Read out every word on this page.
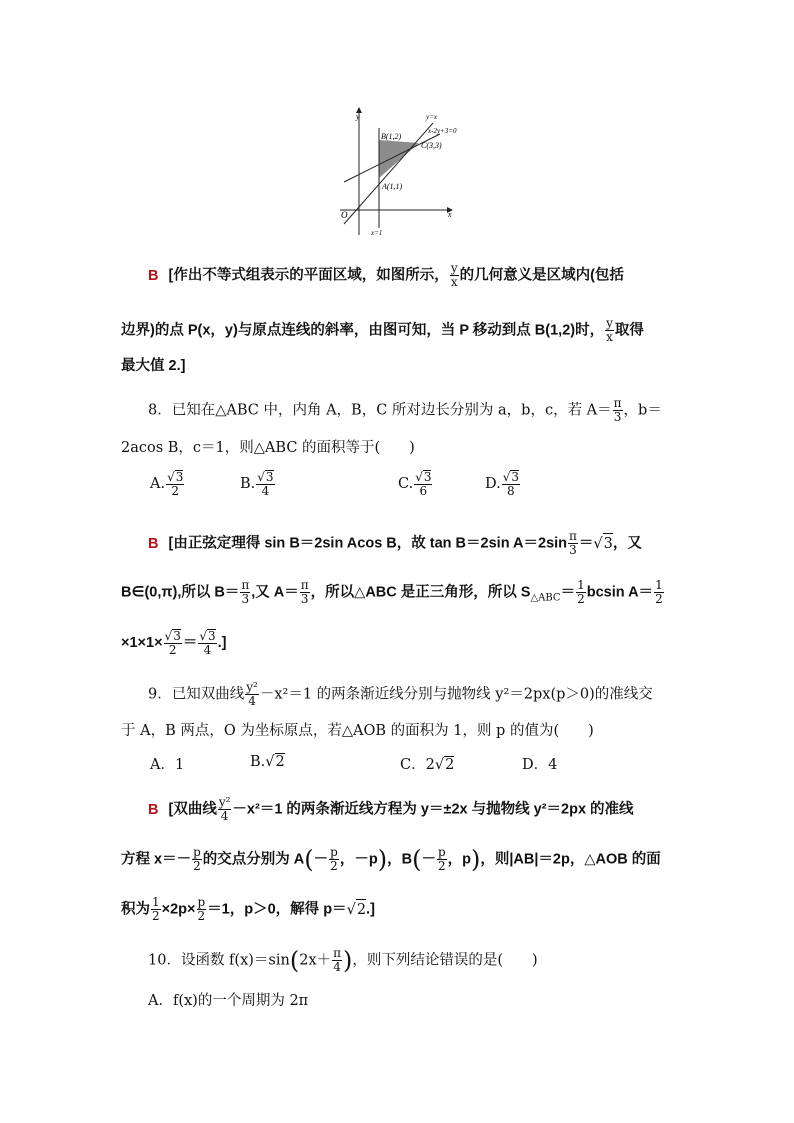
y
x
O
y=x
x-2y+3=0
B(1,2)
C(3,3)
A(1,1)
x=1
B [作出不等式组表示的平面区域，如图所示， $\frac{y}{x}$ 的几何意义是区域内(包括
边界)的点 P(x，y)与原点连线的斜率，由图可知，当 P 移动到点 B(1,2)时， $\frac{y}{x}$ 取得
最大值 2.]
8．已知在△ABC 中，内角 A，B，C 所对边长分别为 a，b，c，若 $A= \frac{\pi}{3}$ ，b＝
2acos B，c＝1，则△ABC 的面积等于(　　)
A. $\frac{√3}{2}$	B. $\frac{√3}{4}$	C. $\frac{√3}{6}$	D. $\frac{√3}{8}$
B [由正弦定理得 sin B＝2sin Acos B，故 tan B＝2sin $A=2\sin \frac{\pi}{3} =√3$，又
B∈(0,π),所以 $B= \frac{\pi}{3}$ ,又 $A= \frac{\pi}{3}$ ，所以△ABC 是正三角形，所以 $S_{\triangle ABC}= \frac{1}{2}$ bcsin $A= \frac{1}{2}$
$\times 1\times 1\times \frac{√3}{2} = \frac{√3}{4}$ .]
9．已知双曲线 $\frac{\text{y²}}{4} -x^2=1$ 的两条渐近线分别与抛物线 y²＝2px(p＞0)的准线交
于 A，B 两点，O 为坐标原点，若△AOB 的面积为 1，则 p 的值为(　　)
A．1	B.√2	C．2√2	D．4
B [双曲线 $\frac{\text{y²}}{4} -x^2=1$ 的两条渐近线方程为 y＝±2x 与抛物线 y²＝2px 的准线
方程 $x=- \frac{p}{2}$ 的交点分别为 $A(- \frac{p}{2}$ ，－p)，$B(- \frac{p}{2}$ ，p)，则|AB|＝2p，△AOB 的面
积为 $\frac{1}{2} \times 2p\times \frac{p}{2} =1$，p＞0，解得 p＝√2.]
10．设函数 $f(x)=\sin(2x+ \frac{\pi}{4}$ )，则下列结论错误的是(　　)
A．f(x)的一个周期为 2π
